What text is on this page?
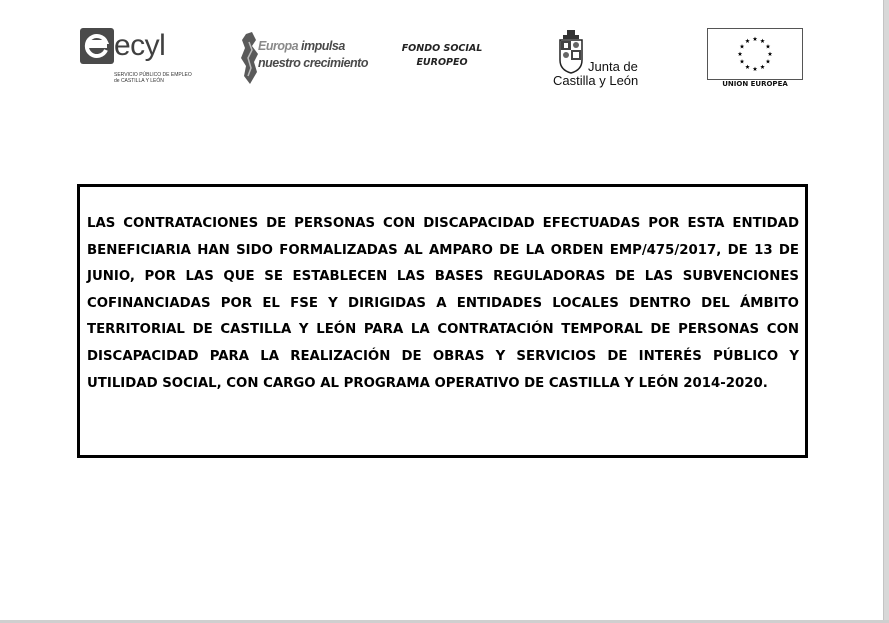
ecyl
SERVICIO PÚBLICO DE EMPLEO
de CASTILLA Y LEÓN
Europa impulsa
nuestro crecimiento
FONDO SOCIAL
EUROPEO	Junta de
Castilla y León	UNION EUROPEA

LAS CONTRATACIONES DE PERSONAS CON DISCAPACIDAD EFECTUADAS POR ESTA ENTIDAD BENEFICIARIA HAN SIDO FORMALIZADAS AL AMPARO DE LA ORDEN EMP/475/2017, DE 13 DE JUNIO, POR LAS QUE SE ESTABLECEN LAS BASES REGULADORAS DE LAS SUBVENCIONES COFINANCIADAS POR EL FSE Y DIRIGIDAS A ENTIDADES LOCALES DENTRO DEL ÁMBITO TERRITORIAL DE CASTILLA Y LEÓN PARA LA CONTRATACIÓN TEMPORAL DE PERSONAS CON DISCAPACIDAD PARA LA REALIZACIÓN DE OBRAS Y SERVICIOS DE INTERÉS PÚBLICO Y UTILIDAD SOCIAL, CON CARGO AL PROGRAMA OPERATIVO DE CASTILLA Y LEÓN 2014-2020.
